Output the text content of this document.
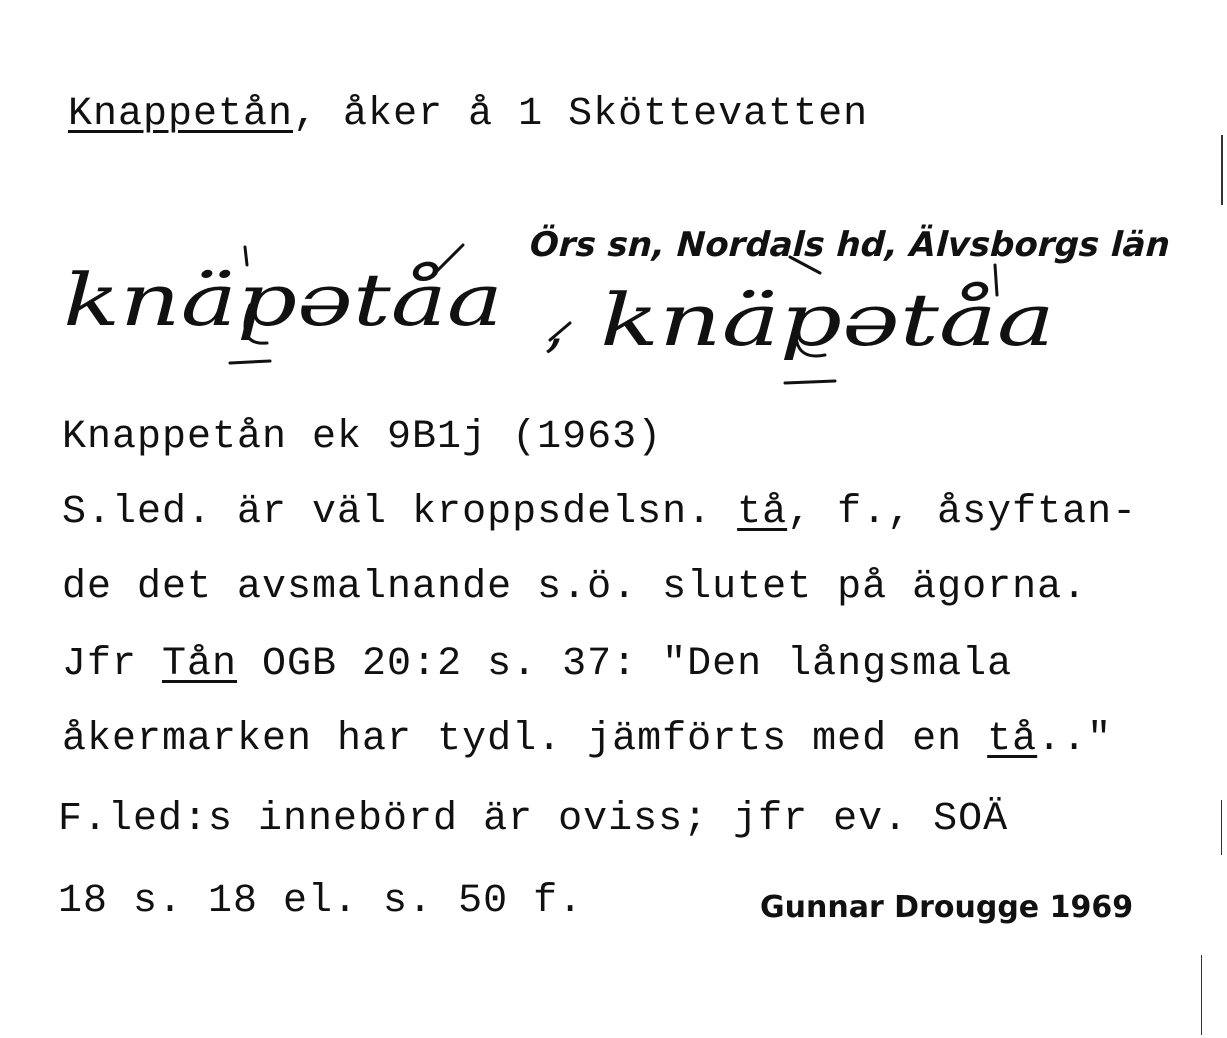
Knappetån, åker å 1 Sköttevatten
Örs sn, Nordals hd, Älvsborgs län
knäpətåa , knäpətåa
Knappetån ek 9B1j (1963)
S.led. är väl kroppsdelsn. tå, f., åsyftan-
de det avsmalnande s.ö. slutet på ägorna.
Jfr Tån OGB 20:2 s. 37: "Den långsmala
åkermarken har tydl. jämförts med en tå.."
F.led:s innebörd är oviss; jfr ev. SOÄ
18 s. 18 el. s. 50 f.	Gunnar Drougge 1969
